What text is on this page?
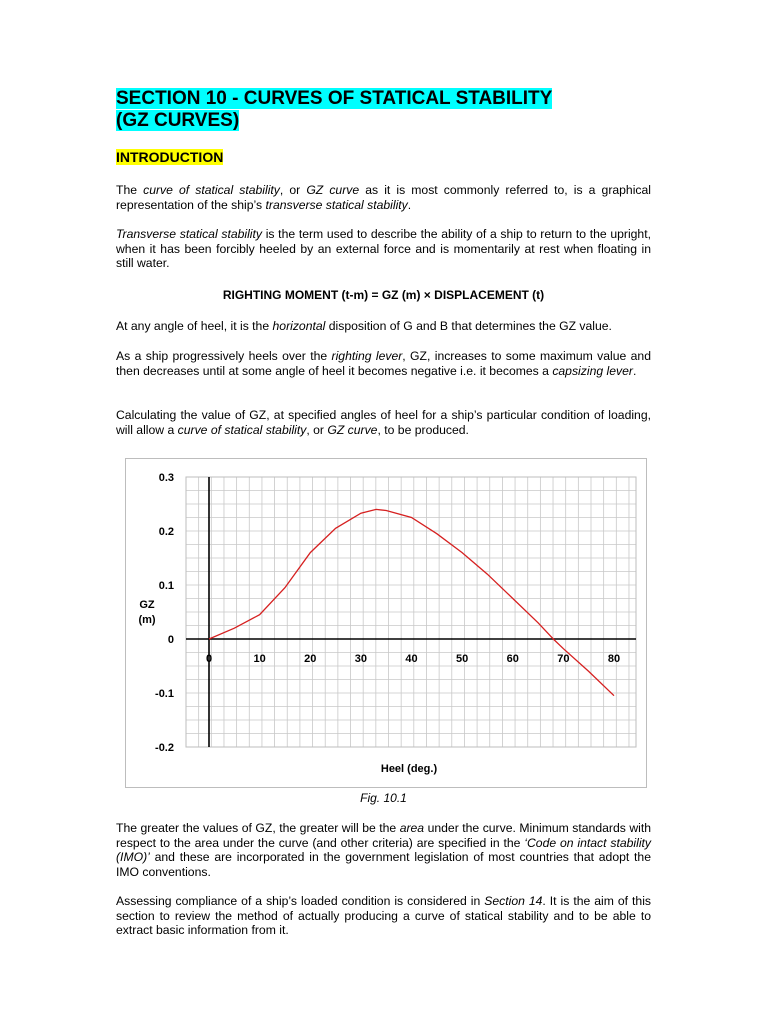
SECTION 10 - CURVES OF STATICAL STABILITY
(GZ CURVES)
INTRODUCTION
The curve of statical stability, or GZ curve as it is most commonly referred to, is a graphical representation of the ship’s transverse statical stability.
Transverse statical stability is the term used to describe the ability of a ship to return to the upright, when it has been forcibly heeled by an external force and is momentarily at rest when floating in still water.
RIGHTING MOMENT (t-m) = GZ (m) × DISPLACEMENT (t)
At any angle of heel, it is the horizontal disposition of G and B that determines the GZ value.
As a ship progressively heels over the righting lever, GZ, increases to some maximum value and then decreases until at some angle of heel it becomes negative i.e. it becomes a capsizing lever.
Calculating the value of GZ, at specified angles of heel for a ship’s particular condition of loading, will allow a curve of statical stability, or GZ curve, to be produced.
0.3
0.2
0.1
0
-0.1
-0.2
0	10	20	30	40	50	60	70	80
Heel (deg.)
GZ
(m)
Fig. 10.1
The greater the values of GZ, the greater will be the area under the curve. Minimum standards with respect to the area under the curve (and other criteria) are specified in the ‘Code on intact stability (IMO)’ and these are incorporated in the government legislation of most countries that adopt the IMO conventions.
Assessing compliance of a ship’s loaded condition is considered in Section 14. It is the aim of this section to review the method of actually producing a curve of statical stability and to be able to extract basic information from it.
